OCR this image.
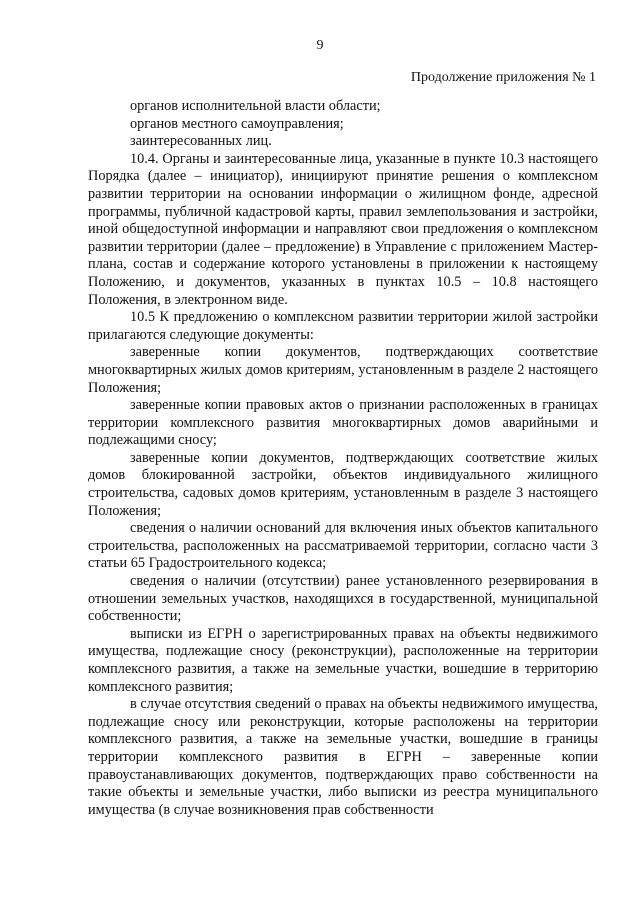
9
Продолжение приложения № 1

органов исполнительной власти области;

органов местного самоуправления;

заинтересованных лиц.

10.4. Органы и заинтересованные лица, указанные в пункте 10.3 настоящего Порядка (далее – инициатор), инициируют принятие решения о комплексном развитии территории на основании информации о жилищном фонде, адресной программы, публичной кадастровой карты, правил землепользования и застройки, иной общедоступной информации и направляют свои предложения о комплексном развитии территории (далее – предложение) в Управление с приложением Мастер-плана, состав и содержание которого установлены в приложении к настоящему Положению, и документов, указанных в пунктах 10.5 – 10.8 настоящего Положения, в электронном виде.

10.5 К предложению о комплексном развитии территории жилой застройки прилагаются следующие документы:

заверенные копии документов, подтверждающих соответствие многоквартирных жилых домов критериям, установленным в разделе 2 настоящего Положения;

заверенные копии правовых актов о признании расположенных в границах территории комплексного развития многоквартирных домов аварийными и подлежащими сносу;

заверенные копии документов, подтверждающих соответствие жилых домов блокированной застройки, объектов индивидуального жилищного строительства, садовых домов критериям, установленным в разделе 3 настоящего Положения;

сведения о наличии оснований для включения иных объектов капитального строительства, расположенных на рассматриваемой территории, согласно части 3 статьи 65 Градостроительного кодекса;

сведения о наличии (отсутствии) ранее установленного резервирования в отношении земельных участков, находящихся в государственной, муниципальной собственности;

выписки из ЕГРН о зарегистрированных правах на объекты недвижимого имущества, подлежащие сносу (реконструкции), расположенные на территории комплексного развития, а также на земельные участки, вошедшие в территорию комплексного развития;

в случае отсутствия сведений о правах на объекты недвижимого имущества, подлежащие сносу или реконструкции, которые расположены на территории комплексного развития, а также на земельные участки, вошедшие в границы территории комплексного развития в ЕГРН – заверенные копии правоустанавливающих документов, подтверждающих право собственности на такие объекты и земельные участки, либо выписки из реестра муниципального имущества (в случае возникновения прав собственности
